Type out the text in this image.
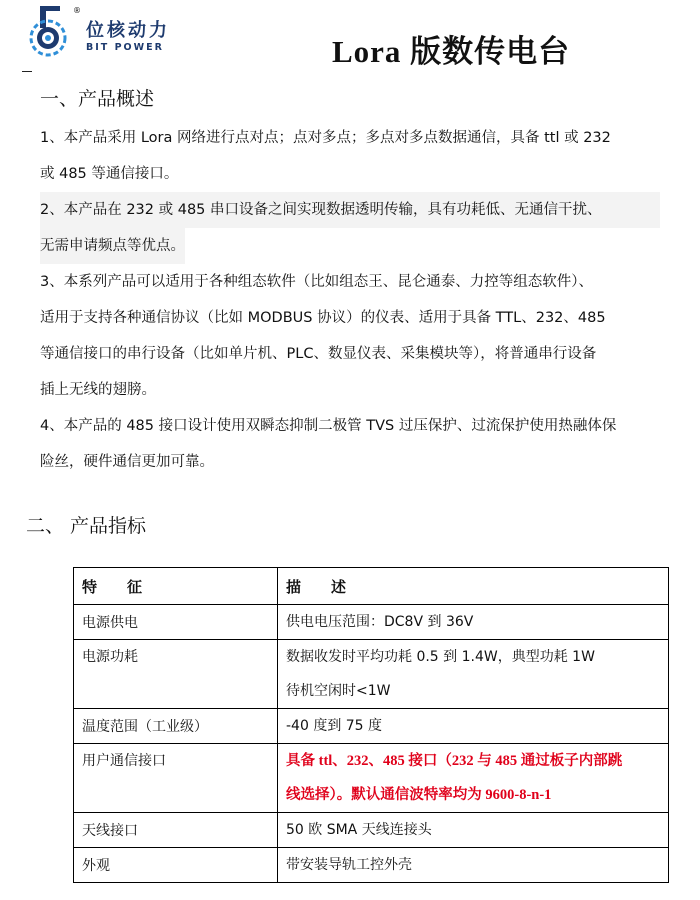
®
位核动力
BIT POWER	Lora 版数传电台
一、产品概述
1、本产品采用 Lora 网络进行点对点；点对多点；多点对多点数据通信，具备 ttl 或 232
或 485 等通信接口。
2、本产品在 232 或 485 串口设备之间实现数据透明传输，具有功耗低、无通信干扰、
无需申请频点等优点。
3、本系列产品可以适用于各种组态软件（比如组态王、昆仑通泰、力控等组态软件）、
适用于支持各种通信协议（比如 MODBUS 协议）的仪表、适用于具备 TTL、232、485
等通信接口的串行设备（比如单片机、PLC、数显仪表、采集模块等），将普通串行设备
插上无线的翅膀。
4、本产品的 485 接口设计使用双瞬态抑制二极管 TVS 过压保护、过流保护使用热融体保
险丝，硬件通信更加可靠。
二、 产品指标
特　　征	描　　述
电源供电	供电电压范围：DC8V 到 36V

电源功耗	数据收发时平均功耗 0.5 到 1.4W，典型功耗 1W
待机空闲时<1W

温度范围（工业级）	-40 度到 75 度

用户通信接口	具备 ttl、232、485 接口（232 与 485 通过板子内部跳
线选择）。默认通信波特率均为 9600-8-n-1

天线接口	50 欧 SMA 天线连接头

外观	带安装导轨工控外壳
